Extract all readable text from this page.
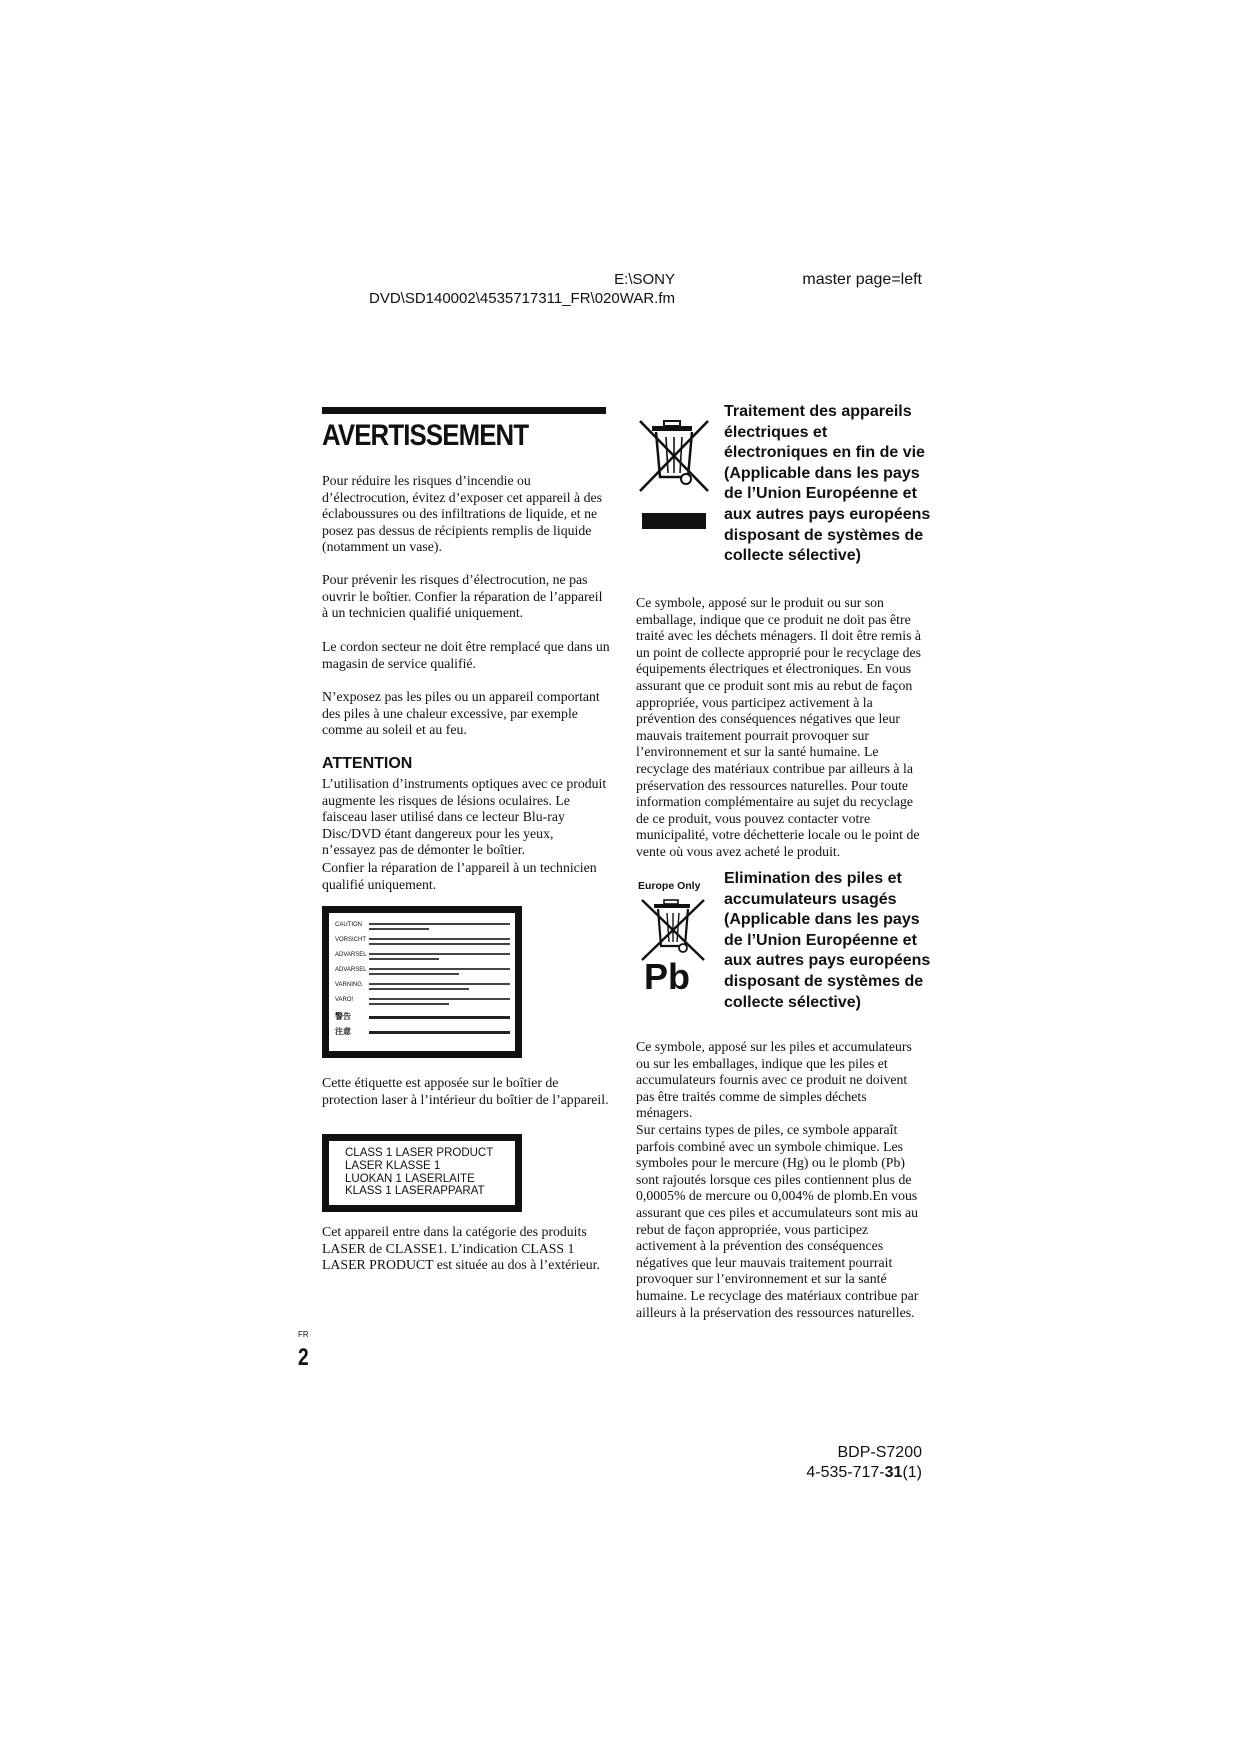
E:\SONY
DVD\SD140002\4535717311_FR\020WAR.fm
master page=left
AVERTISSEMENT
Pour réduire les risques d’incendie ou d’électrocution, évitez d’exposer cet appareil à des éclaboussures ou des infiltrations de liquide, et ne posez pas dessus de récipients remplis de liquide (notamment un vase).
Pour prévenir les risques d’électrocution, ne pas ouvrir le boîtier. Confier la réparation de l’appareil à un technicien qualifié uniquement.
Le cordon secteur ne doit être remplacé que dans un magasin de service qualifié.
N’exposez pas les piles ou un appareil comportant des piles à une chaleur excessive, par exemple comme au soleil et au feu.
ATTENTION
L’utilisation d’instruments optiques avec ce produit augmente les risques de lésions oculaires. Le faisceau laser utilisé dans ce lecteur Blu-ray Disc/DVD étant dangereux pour les yeux, n’essayez pas de démonter le boîtier.
Confier la réparation de l’appareil à un technicien qualifié uniquement.
CAUTION
VORSICHT
ADVARSEL
ADVARSEL
VARNING
VARO!
警告
注意
Cette étiquette est apposée sur le boîtier de protection laser à l’intérieur du boîtier de l’appareil.
CLASS 1 LASER PRODUCT
LASER KLASSE 1
LUOKAN 1 LASERLAITE
KLASS 1 LASERAPPARAT
Cet appareil entre dans la catégorie des produits LASER de CLASSE1. L’indication CLASS 1 LASER PRODUCT est située au dos à l’extérieur.
Traitement des appareils électriques et électroniques en fin de vie (Applicable dans les pays de l’Union Européenne et aux autres pays européens disposant de systèmes de collecte sélective)
Ce symbole, apposé sur le produit ou sur son emballage, indique que ce produit ne doit pas être traité avec les déchets ménagers. Il doit être remis à un point de collecte approprié pour le recyclage des équipements électriques et électroniques. En vous assurant que ce produit sont mis au rebut de façon appropriée, vous participez activement à la prévention des conséquences négatives que leur mauvais traitement pourrait provoquer sur l’environnement et sur la santé humaine. Le recyclage des matériaux contribue par ailleurs à la préservation des ressources naturelles. Pour toute information complémentaire au sujet du recyclage de ce produit, vous pouvez contacter votre municipalité, votre déchetterie locale ou le point de vente où vous avez acheté le produit.
Europe Only
Pb
Elimination des piles et accumulateurs usagés (Applicable dans les pays de l’Union Européenne et aux autres pays européens disposant de systèmes de collecte sélective)
Ce symbole, apposé sur les piles et accumulateurs ou sur les emballages, indique que les piles et accumulateurs fournis avec ce produit ne doivent pas être traités comme de simples déchets ménagers.
Sur certains types de piles, ce symbole apparaît parfois combiné avec un symbole chimique. Les symboles pour le mercure (Hg) ou le plomb (Pb) sont rajoutés lorsque ces piles contiennent plus de 0,0005% de mercure ou 0,004% de plomb.En vous assurant que ces piles et accumulateurs sont mis au rebut de façon appropriée, vous participez activement à la prévention des conséquences négatives que leur mauvais traitement pourrait provoquer sur l’environnement et sur la santé humaine. Le recyclage des matériaux contribue par ailleurs à la préservation des ressources naturelles.
FR
2
BDP-S7200
4-535-717-31(1)
